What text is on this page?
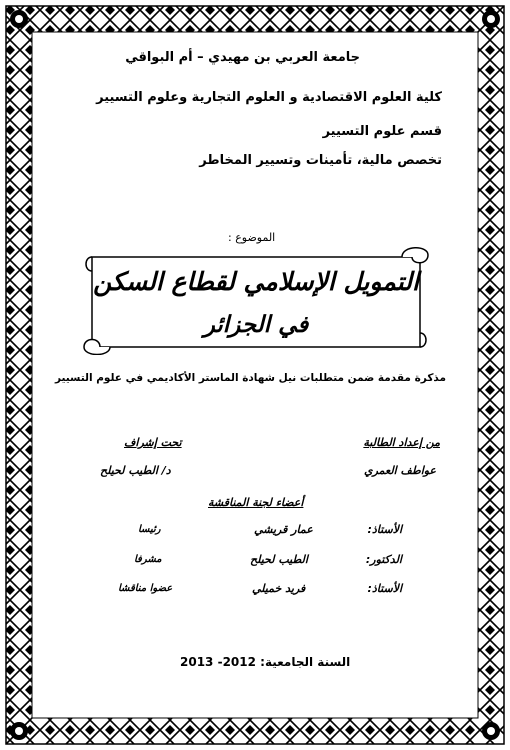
جامعة العربي بن مهيدي – أم البواقي
كلية العلوم الاقتصادية و العلوم التجارية وعلوم التسيير
قسم علوم التسيير
تخصص مالية، تأمينات وتسيير المخاطر
الموضوع :
التمويل الإسلامي لقطاع السكن
في الجزائر
مذكرة مقدمة ضمن متطلبات نيل شهادة الماستر الأكاديمي في علوم التسيير
من إعداد الطالبة
عواطف العمري
تحت إشراف
د/ الطيب لحيلح
أعضاء لجنة المناقشة
الأستاذ:
عمار قريشي
رئيسا
الدكتور:
الطيب لحيلح
مشرفا
الأستاذ:
فريد خميلي
عضوا مناقشا
السنة الجامعية: 2012- 2013
